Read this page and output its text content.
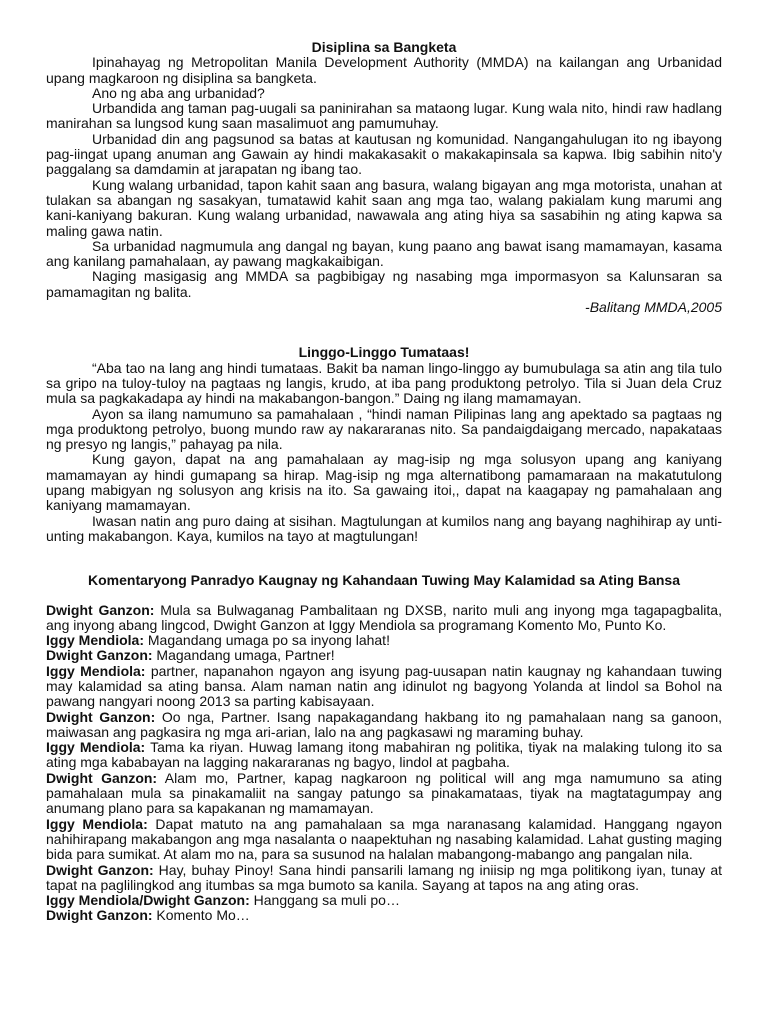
Disiplina sa Bangketa

Ipinahayag ng Metropolitan Manila Development Authority (MMDA) na kailangan ang Urbanidad upang magkaroon ng disiplina sa bangketa.

Ano ng aba ang urbanidad?

Urbandida ang taman pag-uugali sa paninirahan sa mataong lugar. Kung wala nito, hindi raw hadlang manirahan sa lungsod kung saan masalimuot ang pamumuhay.

Urbanidad din ang pagsunod sa batas at kautusan ng komunidad. Nangangahulugan ito ng ibayong pag-iingat upang anuman ang Gawain ay hindi makakasakit o makakapinsala sa kapwa. Ibig sabihin nito'y paggalang sa damdamin at jarapatan ng ibang tao.

Kung walang urbanidad, tapon kahit saan ang basura, walang bigayan ang mga motorista, unahan at tulakan sa abangan ng sasakyan, tumatawid kahit saan ang mga tao, walang pakialam kung marumi ang kani-kaniyang bakuran. Kung walang urbanidad, nawawala ang ating hiya sa sasabihin ng ating kapwa sa maling gawa natin.

Sa urbanidad nagmumula ang dangal ng bayan, kung paano ang bawat isang mamamayan, kasama ang kanilang pamahalaan, ay pawang magkakaibigan.

Naging masigasig ang MMDA sa pagbibigay ng nasabing mga impormasyon sa Kalunsaran sa pamamagitan ng balita.

-Balitang MMDA,2005

Linggo-Linggo Tumataas!

“Aba tao na lang ang hindi tumataas. Bakit ba naman lingo-linggo ay bumubulaga sa atin ang tila tulo sa gripo na tuloy-tuloy na pagtaas ng langis, krudo, at iba pang produktong petrolyo. Tila si Juan dela Cruz mula sa pagkakadapa ay hindi na makabangon-bangon.” Daing ng ilang mamamayan.

Ayon sa ilang namumuno sa pamahalaan , “hindi naman Pilipinas lang ang apektado sa pagtaas ng mga produktong petrolyo, buong mundo raw ay nakararanas nito. Sa pandaigdaigang mercado, napakataas ng presyo ng langis,” pahayag pa nila.

Kung gayon, dapat na ang pamahalaan ay mag-isip ng mga solusyon upang ang kaniyang mamamayan ay hindi gumapang sa hirap. Mag-isip ng mga alternatibong pamamaraan na makatutulong upang mabigyan ng solusyon ang krisis na ito. Sa gawaing itoi,, dapat na kaagapay ng pamahalaan ang kaniyang mamamayan.

Iwasan natin ang puro daing at sisihan. Magtulungan at kumilos nang ang bayang naghihirap ay unti-unting makabangon. Kaya, kumilos na tayo at magtulungan!

Komentaryong Panradyo Kaugnay ng Kahandaan Tuwing May Kalamidad sa Ating Bansa

Dwight Ganzon: Mula sa Bulwaganag Pambalitaan ng DXSB, narito muli ang inyong mga tagapagbalita, ang inyong abang lingcod, Dwight Ganzon at Iggy Mendiola sa programang Komento Mo, Punto Ko.

Iggy Mendiola: Magandang umaga po sa inyong lahat!

Dwight Ganzon: Magandang umaga, Partner!

Iggy Mendiola: partner, napanahon ngayon ang isyung pag-uusapan natin kaugnay ng kahandaan tuwing may kalamidad sa ating bansa. Alam naman natin ang idinulot ng bagyong Yolanda at lindol sa Bohol na pawang nangyari noong 2013 sa parting kabisayaan.

Dwight Ganzon: Oo nga, Partner. Isang napakagandang hakbang ito ng pamahalaan nang sa ganoon, maiwasan ang pagkasira ng mga ari-arian, lalo na ang pagkasawi ng maraming buhay.

Iggy Mendiola: Tama ka riyan. Huwag lamang itong mabahiran ng politika, tiyak na malaking tulong ito sa ating mga kababayan na lagging nakararanas ng bagyo, lindol at pagbaha.

Dwight Ganzon: Alam mo, Partner, kapag nagkaroon ng political will ang mga namumuno sa ating pamahalaan mula sa pinakamaliit na sangay patungo sa pinakamataas, tiyak na magtatagumpay ang anumang plano para sa kapakanan ng mamamayan.

Iggy Mendiola: Dapat matuto na ang pamahalaan sa mga naranasang kalamidad. Hanggang ngayon nahihirapang makabangon ang mga nasalanta o naapektuhan ng nasabing kalamidad. Lahat gusting maging bida para sumikat. At alam mo na, para sa susunod na halalan mabangong-mabango ang pangalan nila.

Dwight Ganzon: Hay, buhay Pinoy! Sana hindi pansarili lamang ng iniisip ng mga politikong iyan, tunay at tapat na paglilingkod ang itumbas sa mga bumoto sa kanila. Sayang at tapos na ang ating oras.

Iggy Mendiola/Dwight Ganzon: Hanggang sa muli po…

Dwight Ganzon: Komento Mo…
